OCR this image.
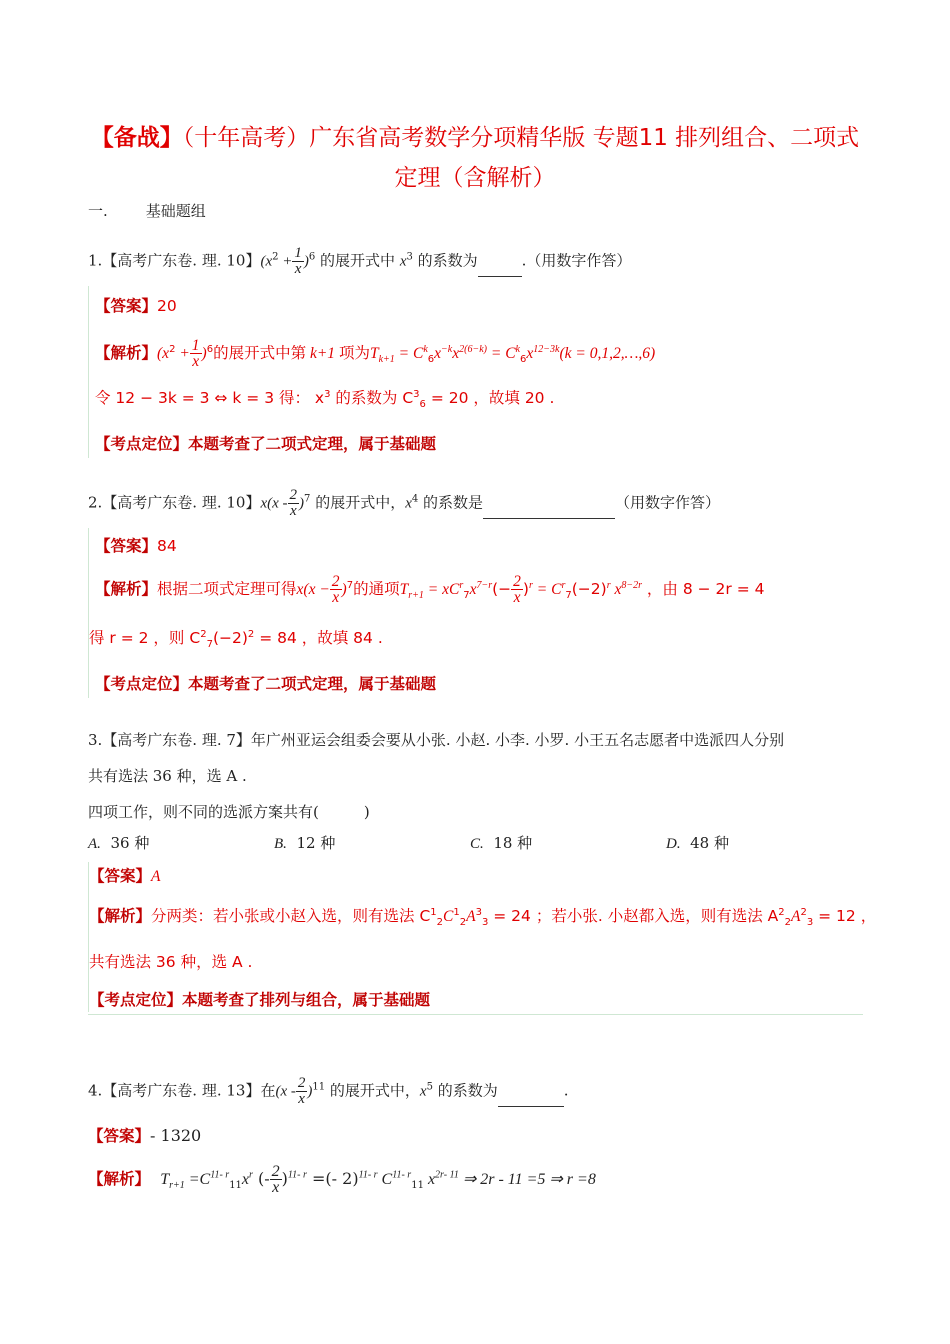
【备战】（十年高考）广东省高考数学分项精华版 专题11 排列组合、二项式
定理（含解析）
一.	基础题组
1.【高考广东卷. 理. 10】$(x^2 + \frac{1}{x} )^6$ 的展开式中 $x^3$ 的系数为	.（用数字作答）
【答案】20
【解析】$(x^2 + \frac{1}{x} )^6$的展开式中第 k+1 项为$T_{k+1} = C^k_6x^{-k}x^{2(6-k)} = C^k_6x^{12-3k}(k$ = 0,1,2,…,6)
令 12 − 3k = 3 ⇔ k = 3 得： $x^3$ 的系数为 $C^3_6 = 20$ ，故填 20 .
【考点定位】本题考查了二项式定理，属于基础题
2.【高考广东卷. 理. 10】$x(x - \frac{2}{x} )^7$ 的展开式中，$x^4$ 的系数是	（用数字作答）
【答案】84
【解析】根据二项式定理可得$x(x - \frac{2}{x} )^7$的通项$T_{r+1} = xC^r_7x^{7-r}(- \frac{2}{x} )^r = C^r_7(-2)^r$ $x^{8-2r}$ ，由 8 − 2r = 4
得 r = 2 ，则 $C^2_7(-2)^2 = 84$ ，故填 84 .
【考点定位】本题考查了二项式定理，属于基础题
3.【高考广东卷. 理. 7】年广州亚运会组委会要从小张. 小赵. 小李. 小罗. 小王五名志愿者中选派四人分别
共有选法 36 种，选 A .
四项工作，则不同的选派方案共有(　　　)
A. 36 种	B. 12 种	C. 18 种	D. 48 种
【答案】A
【解析】分两类：若小张或小赵入选，则有选法 $C^1_2C^1_2A^3_3 = 24$ ；若小张. 小赵都入选，则有选法 $A^2_2A^2_3 = 12$ ，
共有选法 36 种，选 A .
【考点定位】本题考查了排列与组合，属于基础题
4.【高考广东卷. 理. 13】在$(x - \frac{2}{x} )^{11}$ 的展开式中，$x^5$ 的系数为	.
【答案】- 1320
【解析】 $T_{r+1} =C^{11- r}_{11}x^r$ (- $\frac{2}{x} )^{11- r}$ =(- 2)$^{11- r}$ $C^{11- r}_{11}$ $x^{2r- 11}$ ⇒ 2r - 11 =5 ⇒ r =8
